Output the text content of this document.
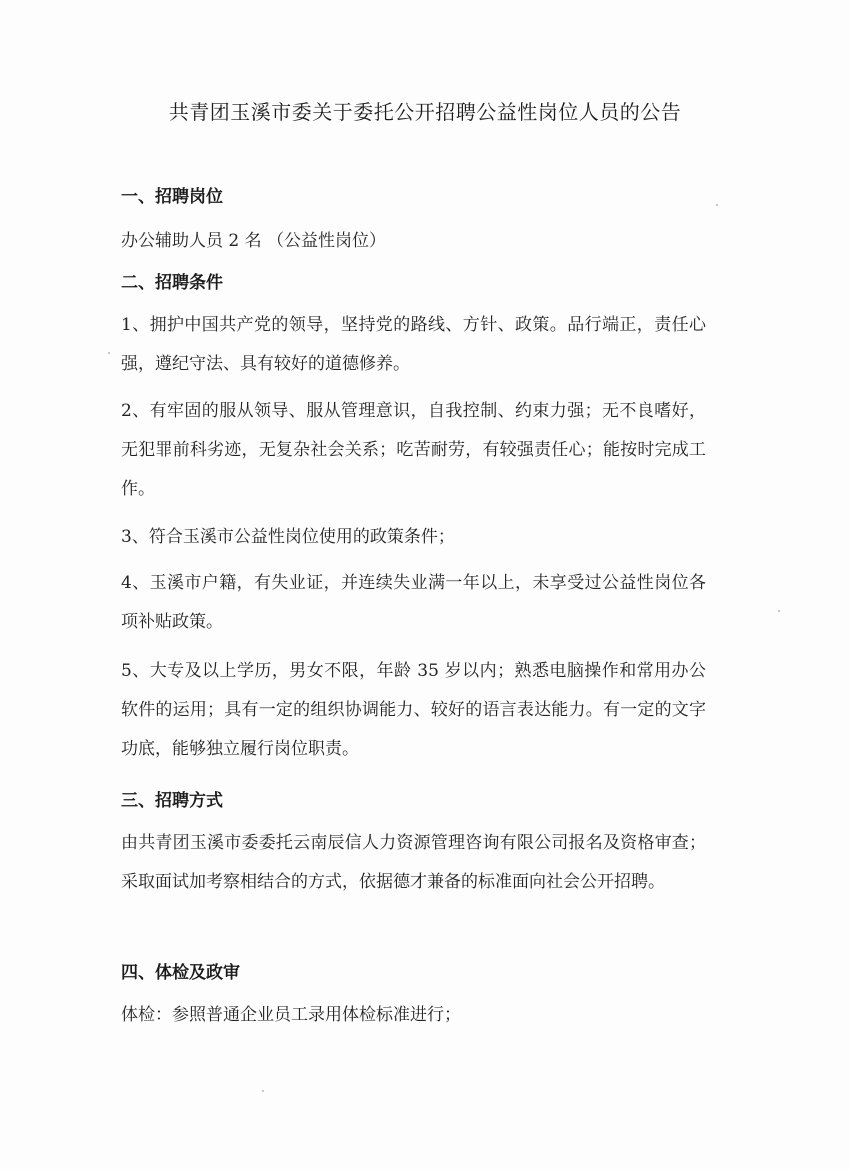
共青团玉溪市委关于委托公开招聘公益性岗位人员的公告
一、招聘岗位

办公辅助人员 2 名 （公益性岗位）

二、招聘条件

1、拥护中国共产党的领导，坚持党的路线、方针、政策。品行端正，责任心强，遵纪守法、具有较好的道德修养。

2、有牢固的服从领导、服从管理意识，自我控制、约束力强；无不良嗜好，无犯罪前科劣迹，无复杂社会关系；吃苦耐劳，有较强责任心；能按时完成工作。

3、符合玉溪市公益性岗位使用的政策条件；

4、玉溪市户籍，有失业证，并连续失业满一年以上，未享受过公益性岗位各项补贴政策。

5、大专及以上学历，男女不限，年龄 35 岁以内；熟悉电脑操作和常用办公软件的运用；具有一定的组织协调能力、较好的语言表达能力。有一定的文字功底，能够独立履行岗位职责。

三、招聘方式

由共青团玉溪市委委托云南辰信人力资源管理咨询有限公司报名及资格审查；采取面试加考察相结合的方式，依据德才兼备的标准面向社会公开招聘。

四、体检及政审

体检：参照普通企业员工录用体检标准进行；
